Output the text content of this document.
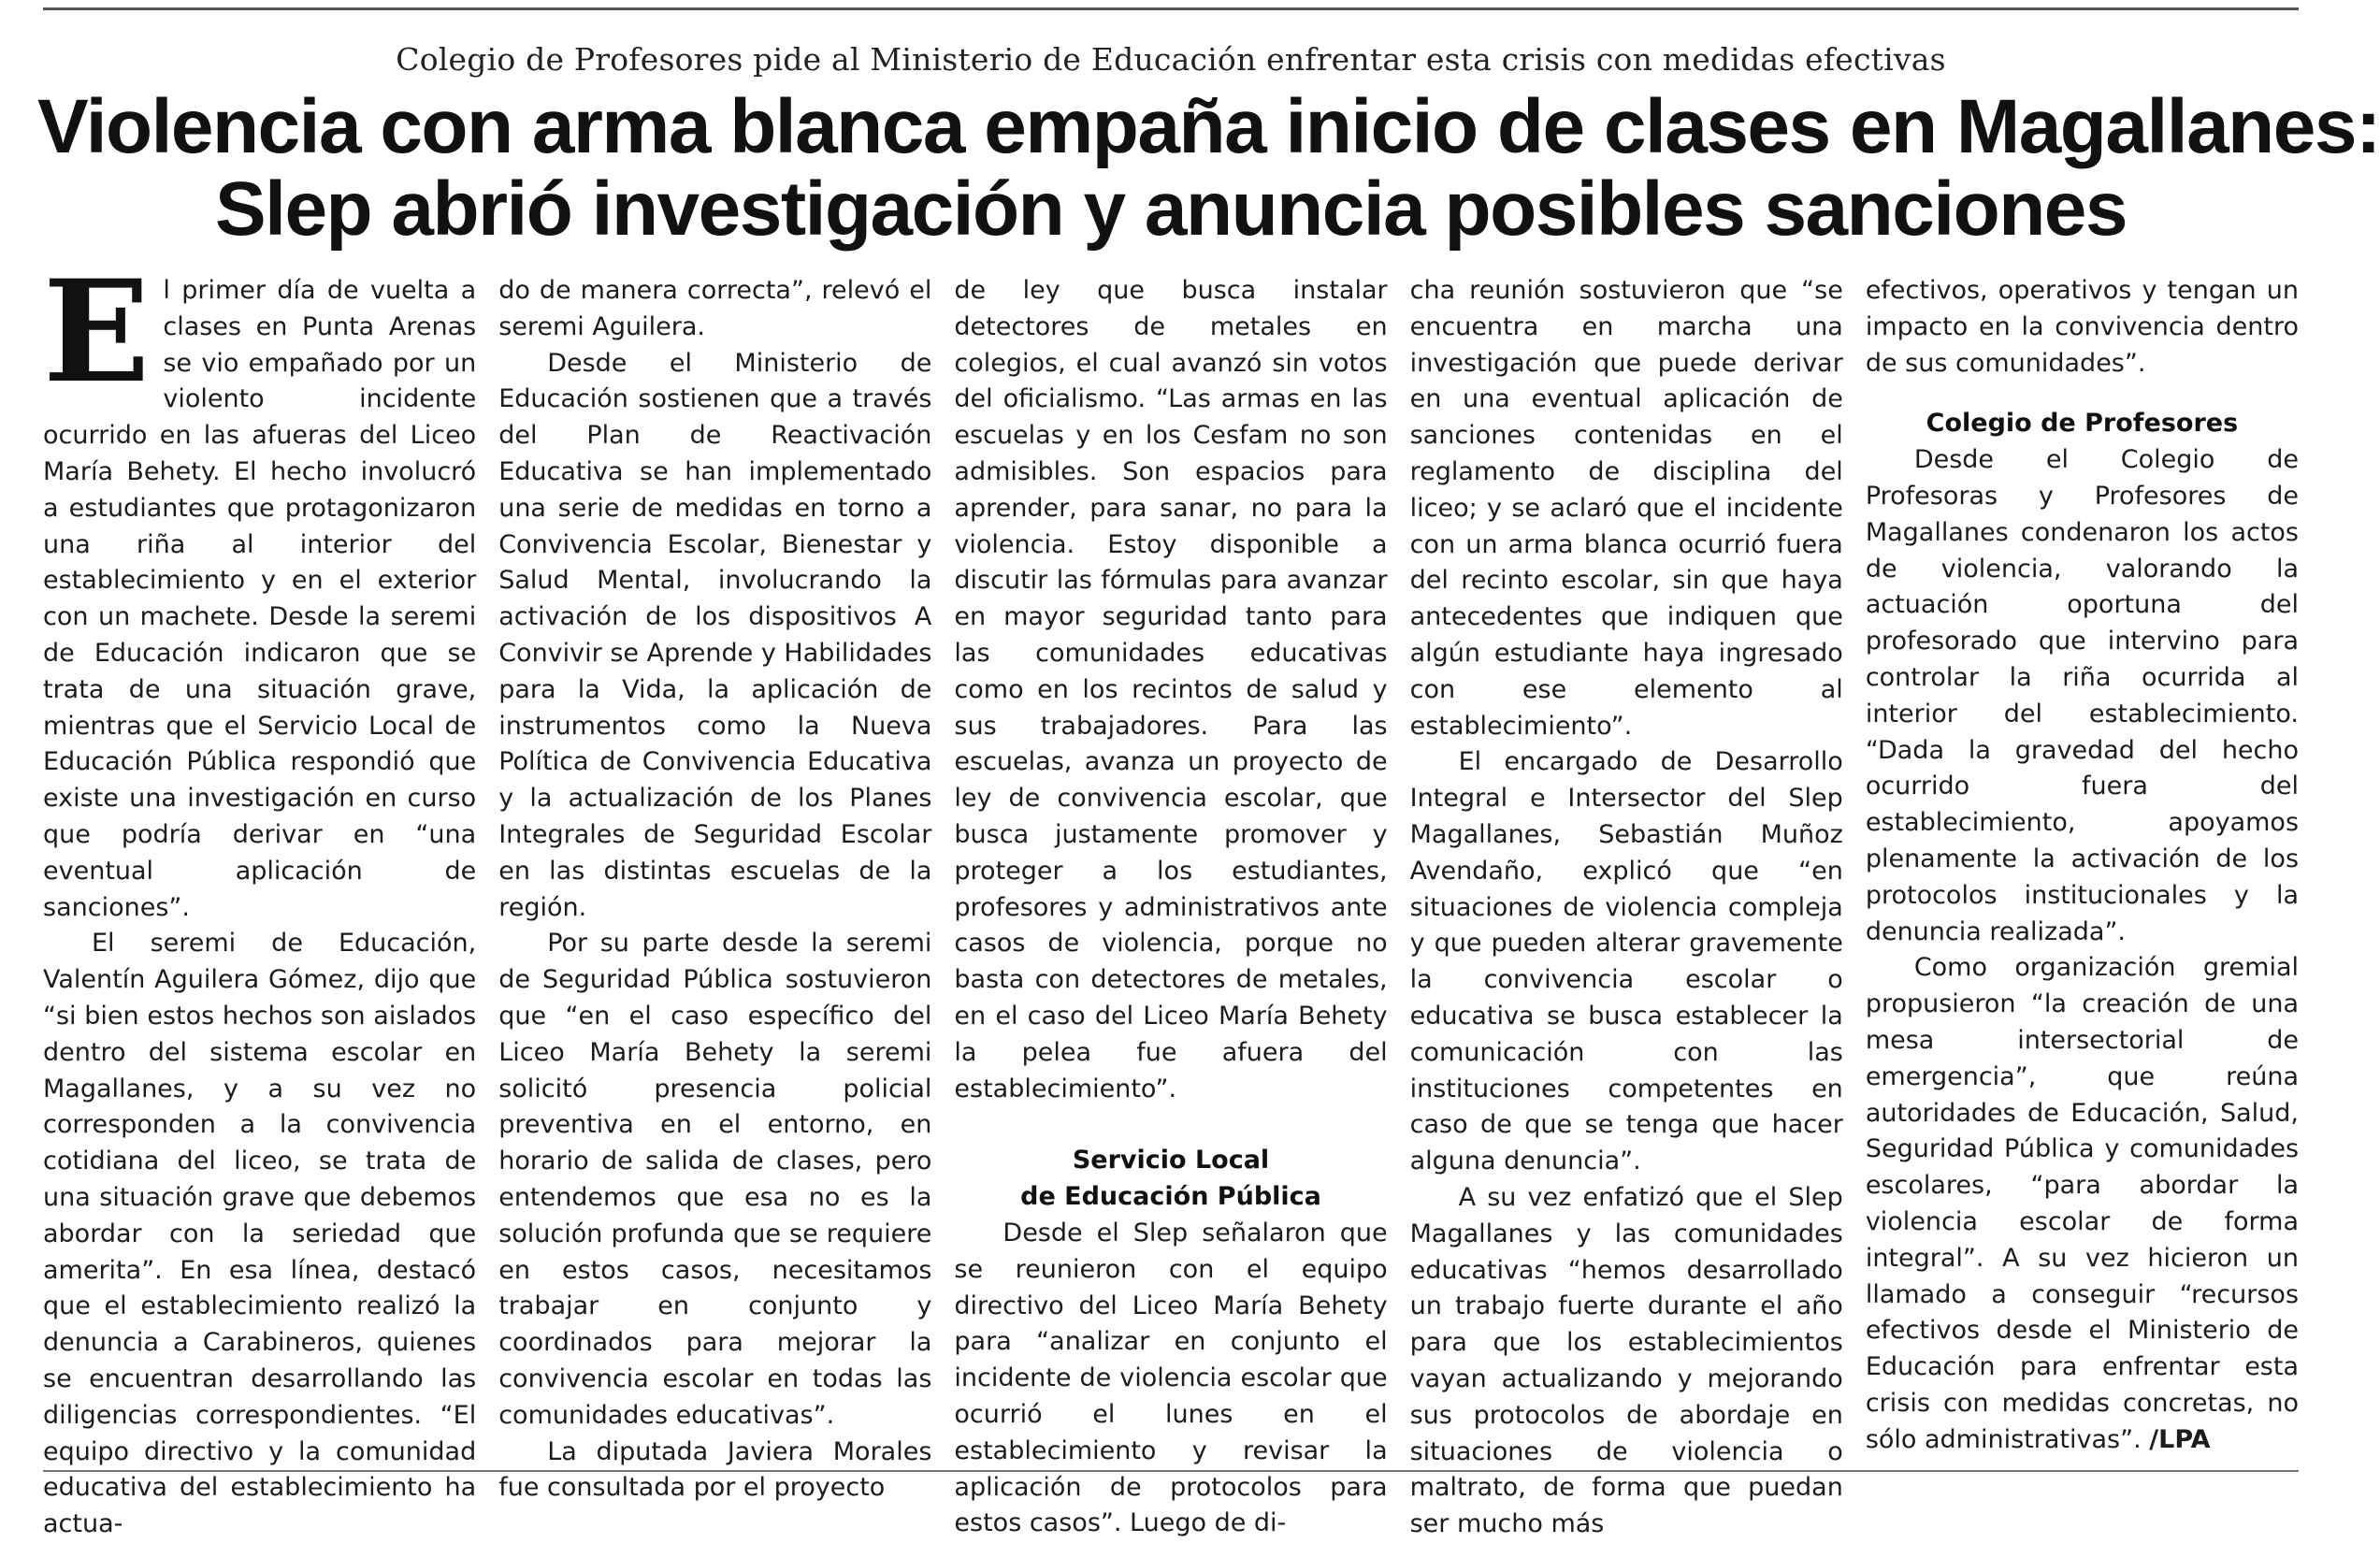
Colegio de Profesores pide al Ministerio de Educación enfrentar esta crisis con medidas efectivas
Violencia con arma blanca empaña inicio de clases en Magallanes:
Slep abrió investigación y anuncia posibles sanciones

El primer día de vuelta a clases en Punta Arenas se vio empañado por un violento incidente ocurrido en las afueras del Liceo María Behety. El hecho involucró a estudiantes que protagonizaron una riña al interior del establecimiento y en el exterior con un machete. Desde la seremi de Educación indicaron que se trata de una situación grave, mientras que el Servicio Local de Educación Pública respondió que existe una investigación en curso que podría derivar en “una eventual aplicación de sanciones”.

El seremi de Educación, Valentín Aguilera Gómez, dijo que “si bien estos hechos son aislados dentro del sistema escolar en Magallanes, y a su vez no corresponden a la convivencia cotidiana del liceo, se trata de una situación grave que debemos abordar con la seriedad que amerita”. En esa línea, destacó que el establecimiento realizó la denuncia a Carabineros, quienes se encuentran desarrollando las diligencias correspondientes. “El equipo directivo y la comunidad educativa del establecimiento ha actua-

do de manera correcta”, relevó el seremi Aguilera.

Desde el Ministerio de Educación sostienen que a través del Plan de Reactivación Educativa se han implementado una serie de medidas en torno a Convivencia Escolar, Bienestar y Salud Mental, involucrando la activación de los dispositivos A Convivir se Aprende y Habilidades para la Vida, la aplicación de instrumentos como la Nueva Política de Convivencia Educativa y la actualización de los Planes Integrales de Seguridad Escolar en las distintas escuelas de la región.

Por su parte desde la seremi de Seguridad Pública sostuvieron que “en el caso específico del Liceo María Behety la seremi solicitó presencia policial preventiva en el entorno, en horario de salida de clases, pero entendemos que esa no es la solución profunda que se requiere en estos casos, necesitamos trabajar en conjunto y coordinados para mejorar la convivencia escolar en todas las comunidades educativas”.

La diputada Javiera Morales fue consultada por el proyecto

de ley que busca instalar detectores de metales en colegios, el cual avanzó sin votos del oficialismo. “Las armas en las escuelas y en los Cesfam no son admisibles. Son espacios para aprender, para sanar, no para la violencia. Estoy disponible a discutir las fórmulas para avanzar en mayor seguridad tanto para las comunidades educativas como en los recintos de salud y sus trabajadores. Para las escuelas, avanza un proyecto de ley de convivencia escolar, que busca justamente promover y proteger a los estudiantes, profesores y administrativos ante casos de violencia, porque no basta con detectores de metales, en el caso del Liceo María Behety la pelea fue afuera del establecimiento”.

Servicio Local
de Educación Pública

Desde el Slep señalaron que se reunieron con el equipo directivo del Liceo María Behety para “analizar en conjunto el incidente de violencia escolar que ocurrió el lunes en el establecimiento y revisar la aplicación de protocolos para estos casos”. Luego de di-

cha reunión sostuvieron que “se encuentra en marcha una investigación que puede derivar en una eventual aplicación de sanciones contenidas en el reglamento de disciplina del liceo; y se aclaró que el incidente con un arma blanca ocurrió fuera del recinto escolar, sin que haya antecedentes que indiquen que algún estudiante haya ingresado con ese elemento al establecimiento”.

El encargado de Desarrollo Integral e Intersector del Slep Magallanes, Sebastián Muñoz Avendaño, explicó que “en situaciones de violencia compleja y que pueden alterar gravemente la convivencia escolar o educativa se busca establecer la comunicación con las instituciones competentes en caso de que se tenga que hacer alguna denuncia”.

A su vez enfatizó que el Slep Magallanes y las comunidades educativas “hemos desarrollado un trabajo fuerte durante el año para que los establecimientos vayan actualizando y mejorando sus protocolos de abordaje en situaciones de violencia o maltrato, de forma que puedan ser mucho más

efectivos, operativos y tengan un impacto en la convivencia dentro de sus comunidades”.

Colegio de Profesores

Desde el Colegio de Profesoras y Profesores de Magallanes condenaron los actos de violencia, valorando la actuación oportuna del profesorado que intervino para controlar la riña ocurrida al interior del establecimiento. “Dada la gravedad del hecho ocurrido fuera del establecimiento, apoyamos plenamente la activación de los protocolos institucionales y la denuncia realizada”.

Como organización gremial propusieron “la creación de una mesa intersectorial de emergencia”, que reúna autoridades de Educación, Salud, Seguridad Pública y comunidades escolares, “para abordar la violencia escolar de forma integral”. A su vez hicieron un llamado a conseguir “recursos efectivos desde el Ministerio de Educación para enfrentar esta crisis con medidas concretas, no sólo administrativas”. /LPA
